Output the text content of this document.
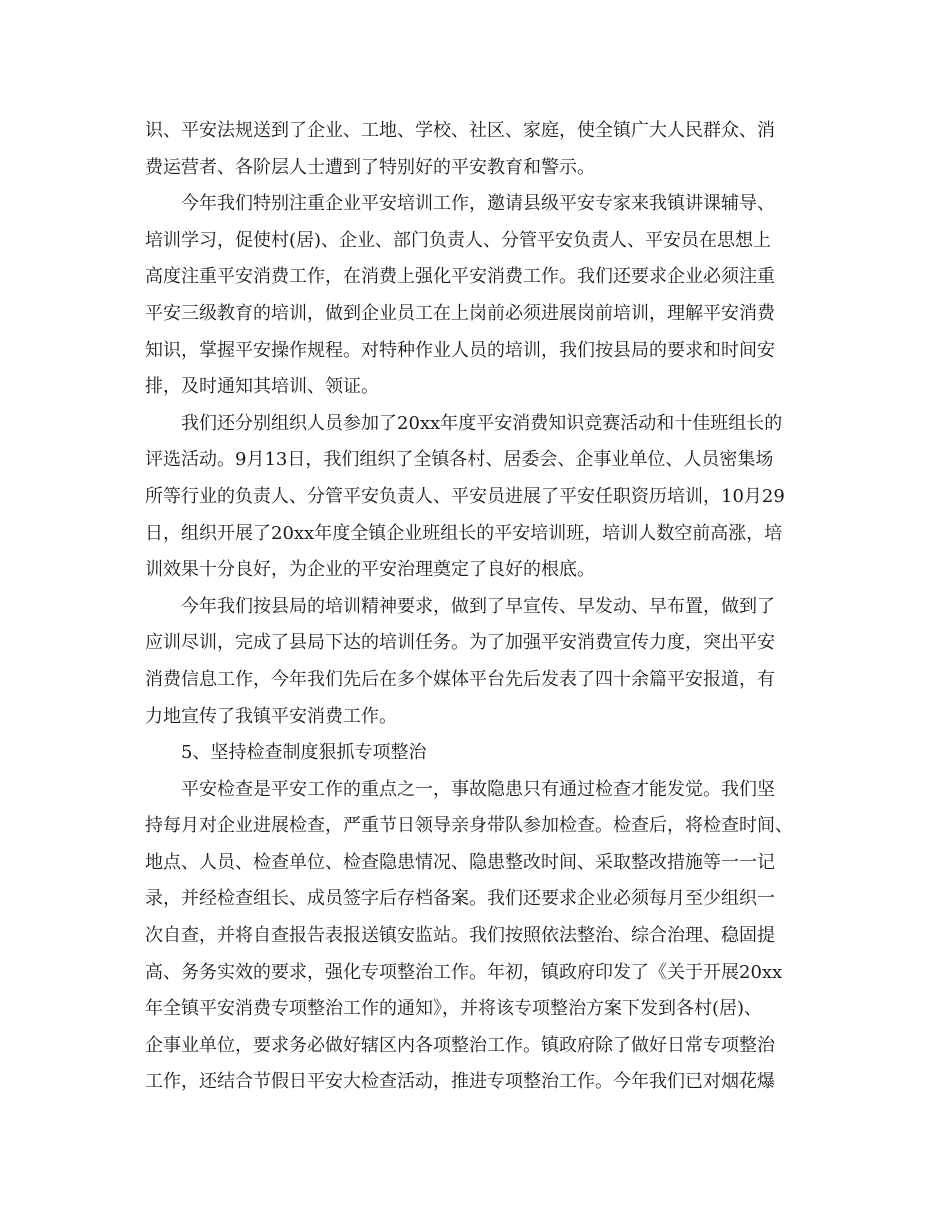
识、平安法规送到了企业、工地、学校、社区、家庭，使全镇广大人民群众、消
费运营者、各阶层人士遭到了特别好的平安教育和警示。
今年我们特别注重企业平安培训工作，邀请县级平安专家来我镇讲课辅导、
培训学习，促使村(居)、企业、部门负责人、分管平安负责人、平安员在思想上
高度注重平安消费工作，在消费上强化平安消费工作。我们还要求企业必须注重
平安三级教育的培训，做到企业员工在上岗前必须进展岗前培训，理解平安消费
知识，掌握平安操作规程。对特种作业人员的培训，我们按县局的要求和时间安
排，及时通知其培训、领证。
我们还分别组织人员参加了20xx年度平安消费知识竞赛活动和十佳班组长的
评选活动。9月13日，我们组织了全镇各村、居委会、企事业单位、人员密集场
所等行业的负责人、分管平安负责人、平安员进展了平安任职资历培训，10月29
日，组织开展了20xx年度全镇企业班组长的平安培训班，培训人数空前高涨，培
训效果十分良好，为企业的平安治理奠定了良好的根底。
今年我们按县局的培训精神要求，做到了早宣传、早发动、早布置，做到了
应训尽训，完成了县局下达的培训任务。为了加强平安消费宣传力度，突出平安
消费信息工作，今年我们先后在多个媒体平台先后发表了四十余篇平安报道，有
力地宣传了我镇平安消费工作。
5、坚持检查制度狠抓专项整治
平安检查是平安工作的重点之一，事故隐患只有通过检查才能发觉。我们坚
持每月对企业进展检查，严重节日领导亲身带队参加检查。检查后，将检查时间、
地点、人员、检查单位、检查隐患情况、隐患整改时间、采取整改措施等一一记
录，并经检查组长、成员签字后存档备案。我们还要求企业必须每月至少组织一
次自查，并将自查报告表报送镇安监站。我们按照依法整治、综合治理、稳固提
高、务务实效的要求，强化专项整治工作。年初，镇政府印发了《关于开展20xx
年全镇平安消费专项整治工作的通知》，并将该专项整治方案下发到各村(居)、
企事业单位，要求务必做好辖区内各项整治工作。镇政府除了做好日常专项整治
工作，还结合节假日平安大检查活动，推进专项整治工作。今年我们已对烟花爆
